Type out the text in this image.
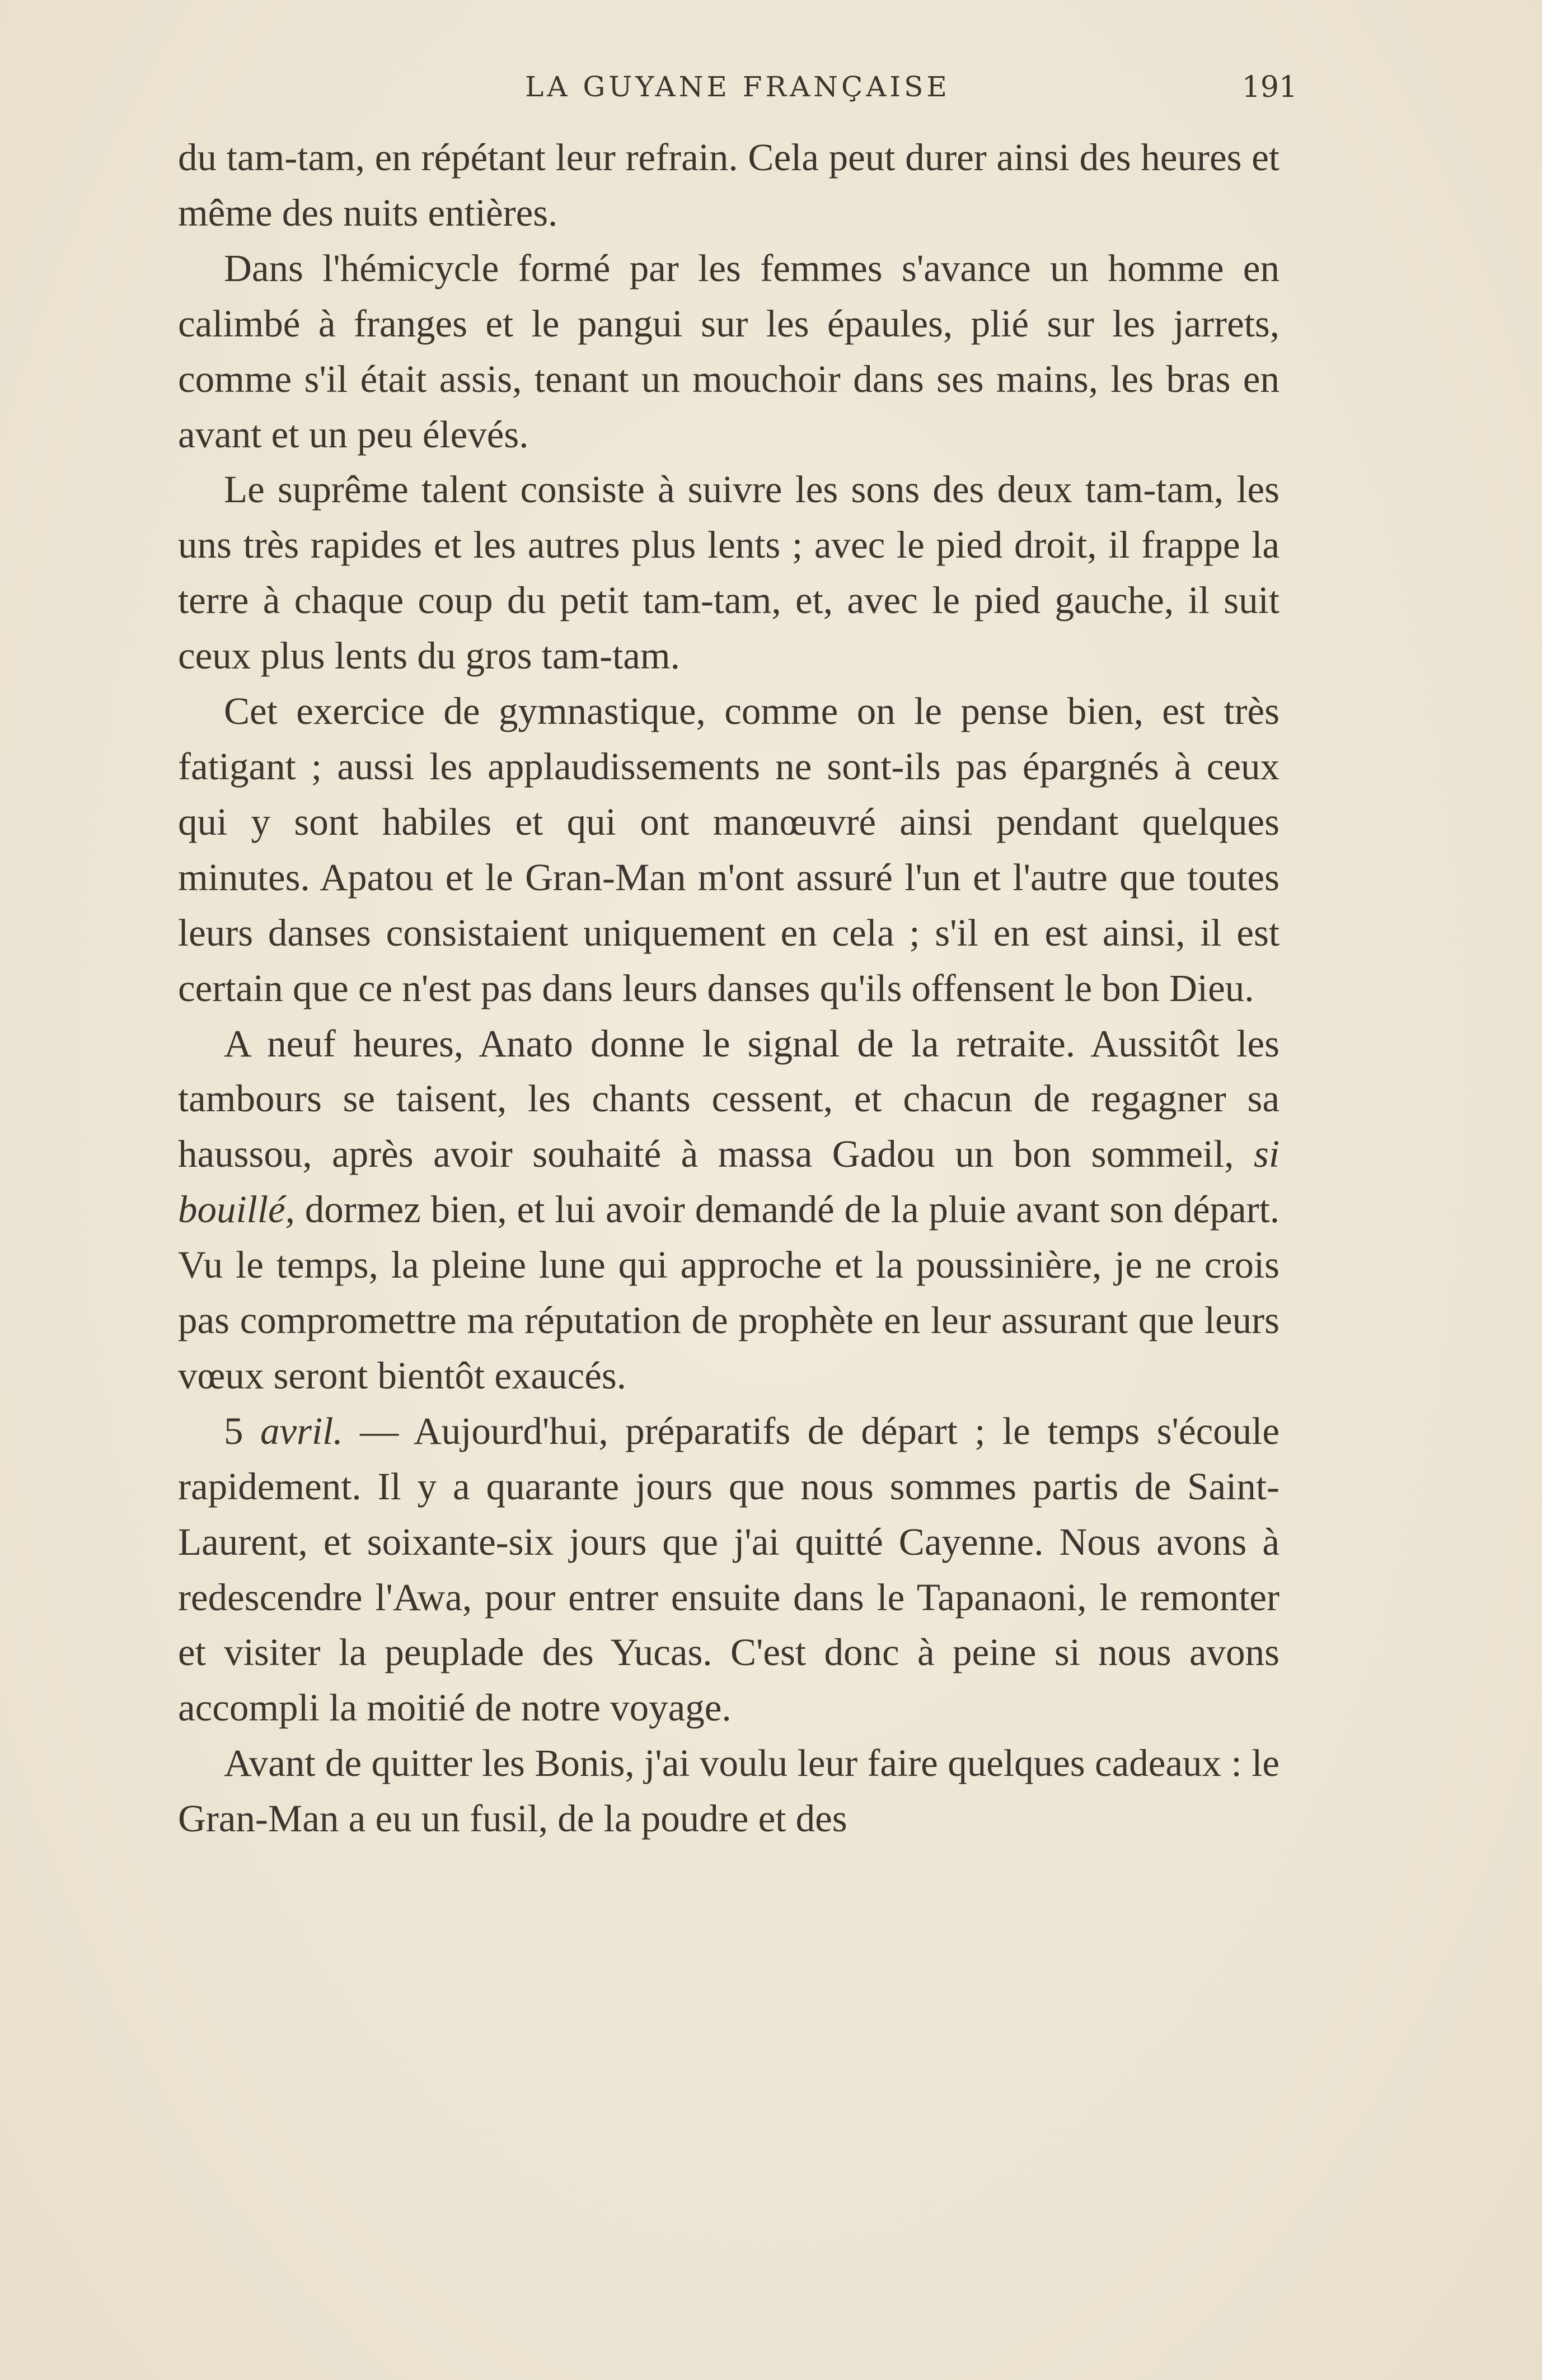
LA GUYANE FRANÇAISE	191

du tam-tam, en répétant leur refrain. Cela peut durer ainsi des heures et même des nuits entières.

Dans l'hémicycle formé par les femmes s'avance un homme en calimbé à franges et le pangui sur les épaules, plié sur les jarrets, comme s'il était assis, tenant un mouchoir dans ses mains, les bras en avant et un peu élevés.

Le suprême talent consiste à suivre les sons des deux tam-tam, les uns très rapides et les autres plus lents ; avec le pied droit, il frappe la terre à chaque coup du petit tam-tam, et, avec le pied gauche, il suit ceux plus lents du gros tam-tam.

Cet exercice de gymnastique, comme on le pense bien, est très fatigant ; aussi les applaudissements ne sont-ils pas épargnés à ceux qui y sont habiles et qui ont manœuvré ainsi pendant quelques minutes. Apatou et le Gran-Man m'ont assuré l'un et l'autre que toutes leurs danses consistaient uniquement en cela ; s'il en est ainsi, il est certain que ce n'est pas dans leurs danses qu'ils offensent le bon Dieu.

A neuf heures, Anato donne le signal de la retraite. Aussitôt les tambours se taisent, les chants cessent, et chacun de regagner sa haussou, après avoir souhaité à massa Gadou un bon sommeil, si bouillé, dormez bien, et lui avoir demandé de la pluie avant son départ. Vu le temps, la pleine lune qui approche et la poussinière, je ne crois pas compromettre ma réputation de prophète en leur assurant que leurs vœux seront bientôt exaucés.

5 avril. — Aujourd'hui, préparatifs de départ ; le temps s'écoule rapidement. Il y a quarante jours que nous sommes partis de Saint-Laurent, et soixante-six jours que j'ai quitté Cayenne. Nous avons à redescendre l'Awa, pour entrer ensuite dans le Tapanaoni, le remonter et visiter la peuplade des Yucas. C'est donc à peine si nous avons accompli la moitié de notre voyage.

Avant de quitter les Bonis, j'ai voulu leur faire quelques cadeaux : le Gran-Man a eu un fusil, de la poudre et des
